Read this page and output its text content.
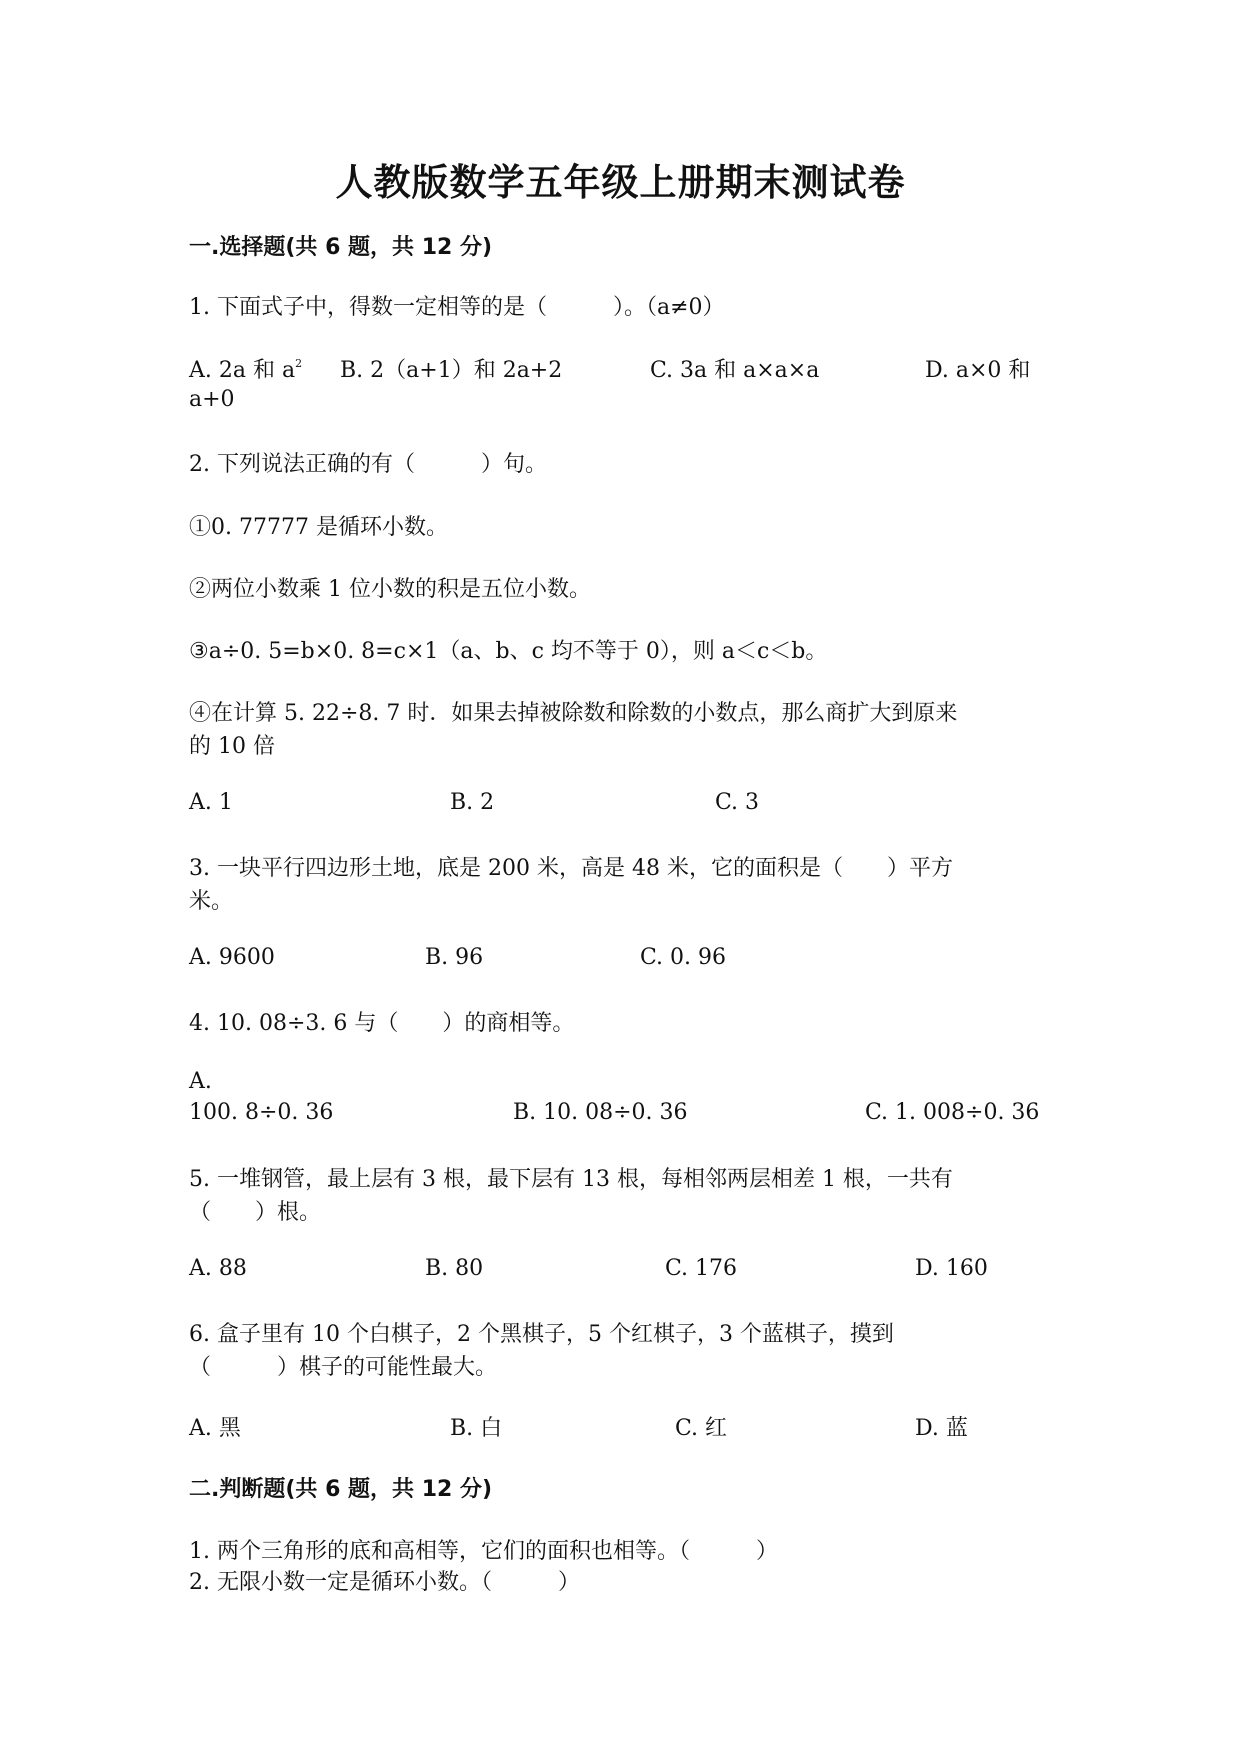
人教版数学五年级上册期末测试卷
一.选择题(共 6 题，共 12 分)
1. 下面式子中，得数一定相等的是（　　　）。（a≠0）
A. 2a 和 $a^2$ B. 2（a+1）和 2a+2	C. 3a 和 a×a×a	D. a×0 和
a+0
2. 下列说法正确的有（　　　）句。
①0. 77777 是循环小数。
②两位小数乘 1 位小数的积是五位小数。
③a÷0. 5=b×0. 8=c×1（a、b、c 均不等于 0），则 a＜c＜b。
④在计算 5. 22÷8. 7 时．如果去掉被除数和除数的小数点，那么商扩大到原来
的 10 倍
A. 1	B. 2	C. 3
3. 一块平行四边形土地，底是 200 米，高是 48 米，它的面积是（　　）平方
米。
A. 9600	B. 96	C. 0. 96
4. 10. 08÷3. 6 与（　　）的商相等。
A.
100. 8÷0. 36	B. 10. 08÷0. 36	C. 1. 008÷0. 36
5. 一堆钢管，最上层有 3 根，最下层有 13 根，每相邻两层相差 1 根，一共有
（　　）根。
A. 88	B. 80	C. 176	D. 160
6. 盒子里有 10 个白棋子，2 个黑棋子，5 个红棋子，3 个蓝棋子，摸到
（　　　）棋子的可能性最大。
A. 黑	B. 白	C. 红	D. 蓝
二.判断题(共 6 题，共 12 分)
1. 两个三角形的底和高相等，它们的面积也相等。（　　　）
2. 无限小数一定是循环小数。（　　　）
